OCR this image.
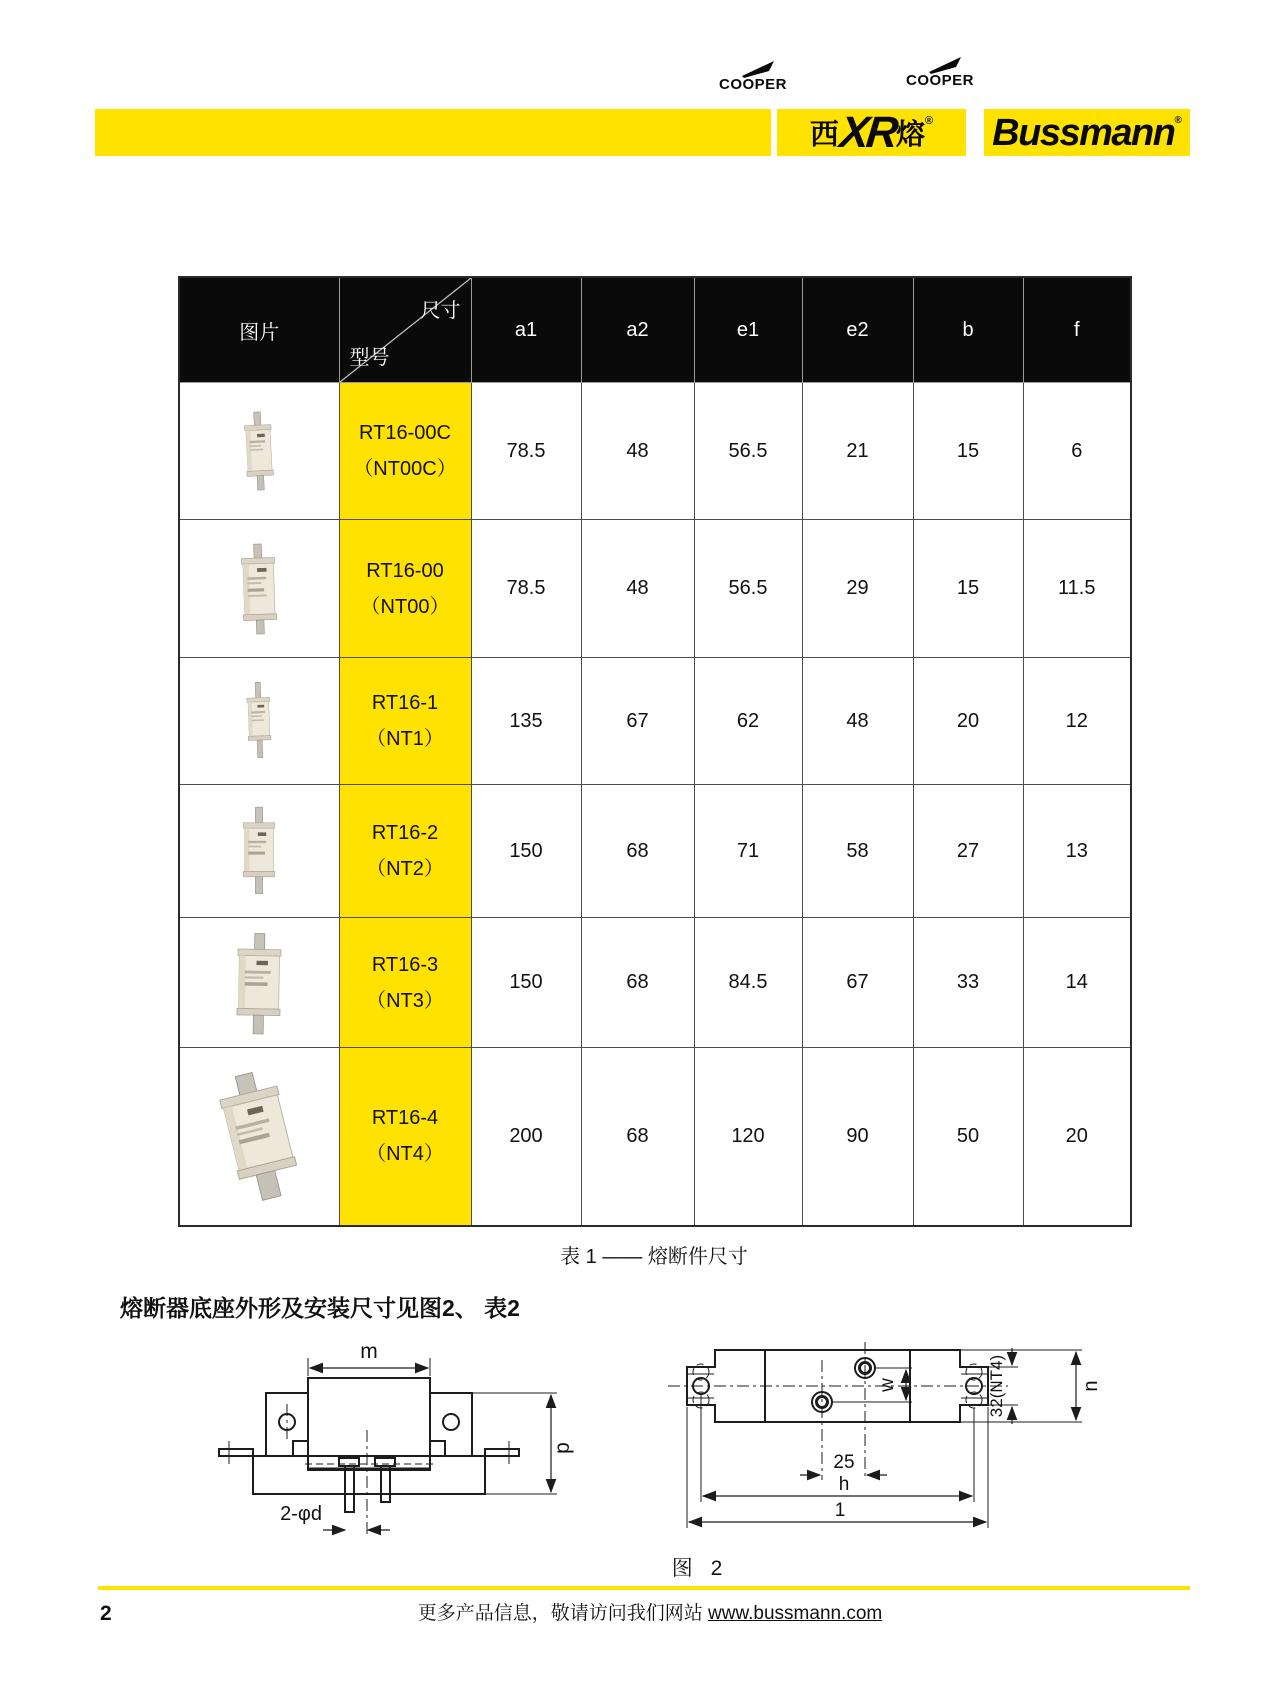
COOPER	COOPER
西
XR
熔 ® Bussmann ®
图片	尺寸
型号	a1	a2	e1	e2	b	f

RT16-00C
（NT00C）	78.5	48	56.5	21	15	6

RT16-00
（NT00）	78.5	48	56.5	29	15	11.5

RT16-1
（NT1）	135	67	62	48	20	12

RT16-2
（NT2）	150	68	71	58	27	13

RT16-3
（NT3）	150	68	84.5	67	33	14

RT16-4
（NT4）	200	68	120	90	50	20
表 1 —— 熔断件尺寸
熔断器底座外形及安装尺寸见图2、 表2
m
2-φd
p
w
25
h
1
32(NT4)	n
图 2
2	更多产品信息，敬请访问我们网站 www.bussmann.com
